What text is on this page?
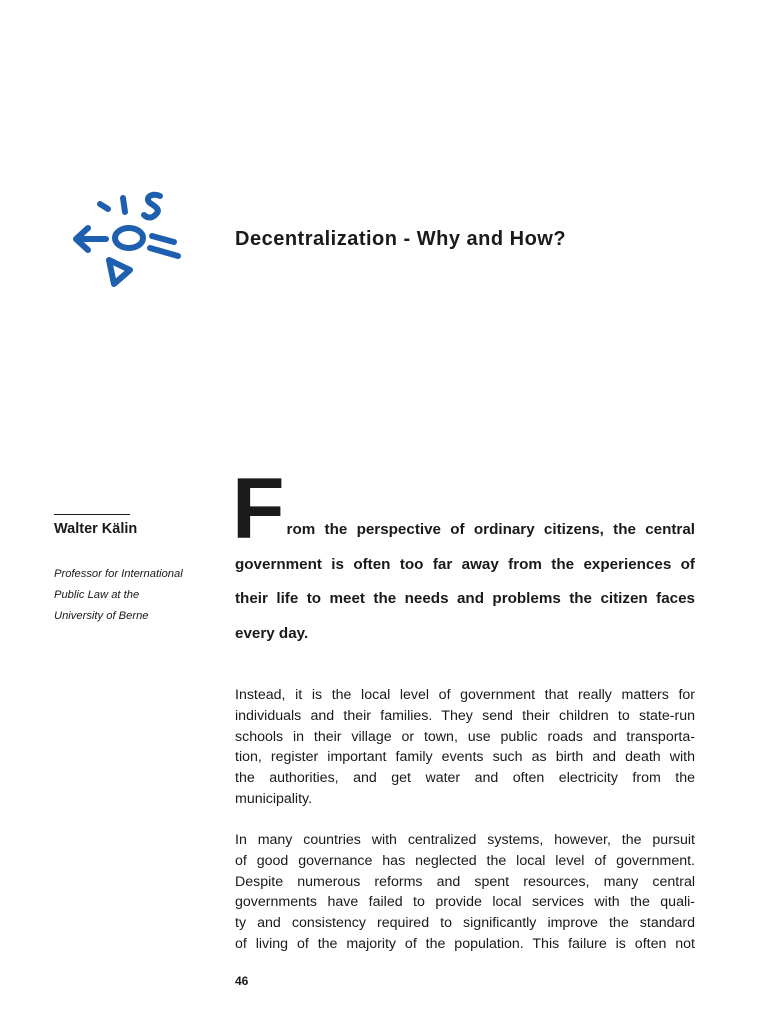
Decentralization - Why and How?

Walter Kälin

Professor for International
Public Law at the
University of Berne

F rom the perspective of ordinary citizens, the central
government is often too far away from the experiences of
their life to meet the needs and problems the citizen faces
every day.

Instead, it is the local level of government that really matters for
individuals and their families. They send their children to state-run
schools in their village or town, use public roads and transporta-
tion, register important family events such as birth and death with
the authorities, and get water and often electricity from the
municipality.

In many countries with centralized systems, however, the pursuit
of good governance has neglected the local level of government.
Despite numerous reforms and spent resources, many central
governments have failed to provide local services with the quali-
ty and consistency required to significantly improve the standard
of living of the majority of the population. This failure is often not

46
